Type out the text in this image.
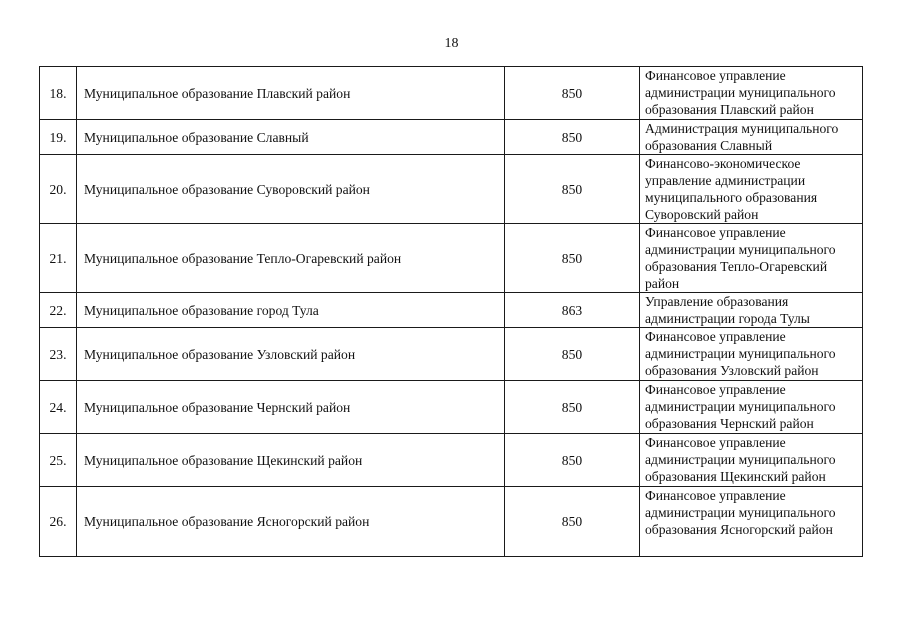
18
18.	Муниципальное образование Плавский район	850	Финансовое управление
администрации муниципального
образования Плавский район

19.	Муниципальное образование Славный	850	Администрация муниципального
образования Славный

20.	Муниципальное образование Суворовский район	850	Финансово-экономическое
управление администрации
муниципального образования
Суворовский район

21.	Муниципальное образование Тепло-Огаревский район	850	Финансовое управление
администрации муниципального
образования Тепло-Огаревский район

22.	Муниципальное образование город Тула	863	Управление образования
администрации города Тулы

23.	Муниципальное образование Узловский район	850	Финансовое управление
администрации муниципального
образования Узловский район

24.	Муниципальное образование Чернский район	850	Финансовое управление
администрации муниципального
образования Чернский район

25.	Муниципальное образование Щекинский район	850	Финансовое управление
администрации муниципального
образования Щекинский район

26.	Муниципальное образование Ясногорский район	850	Финансовое управление
администрации муниципального
образования Ясногорский район
